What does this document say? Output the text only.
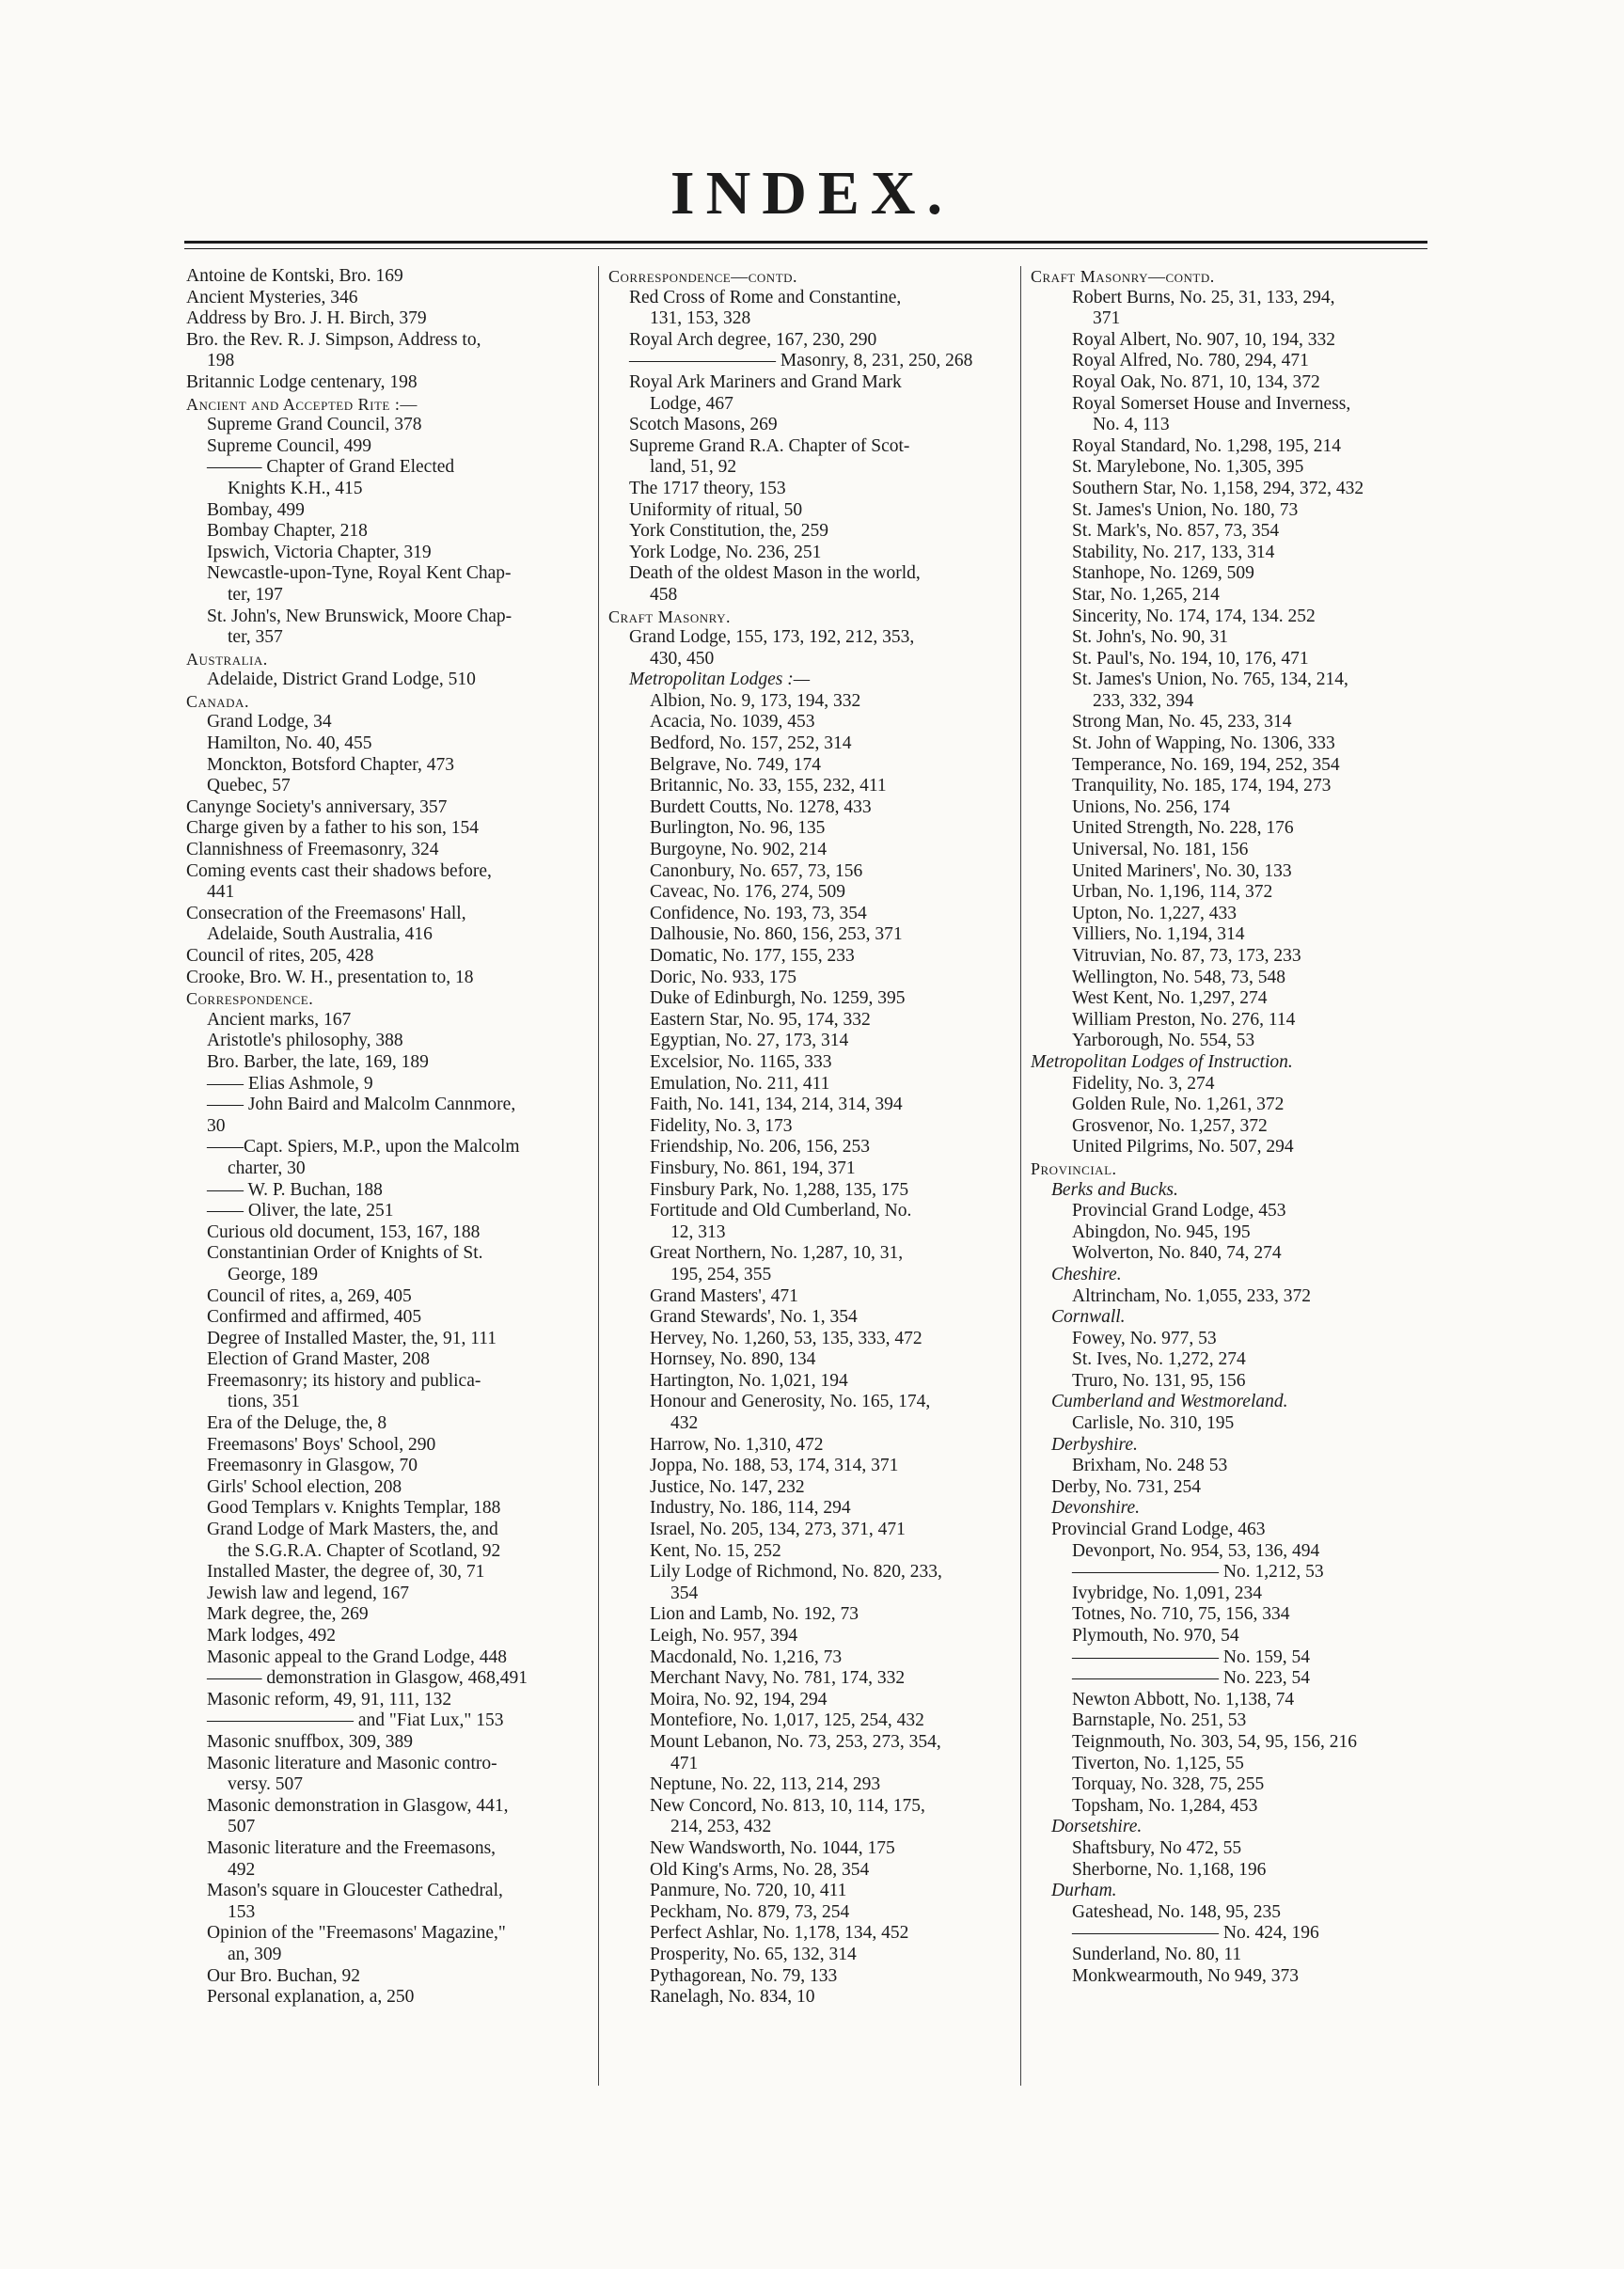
INDEX.
Antoine de Kontski, Bro. 169
Ancient Mysteries, 346
Address by Bro. J. H. Birch, 379
Bro. the Rev. R. J. Simpson, Address to,
198
Britannic Lodge centenary, 198
Ancient and Accepted Rite :—
Supreme Grand Council, 378
Supreme Council, 499
——— Chapter of Grand Elected
Knights K.H., 415
Bombay, 499
Bombay Chapter, 218
Ipswich, Victoria Chapter, 319
Newcastle-upon-Tyne, Royal Kent Chap-
ter, 197
St. John's, New Brunswick, Moore Chap-
ter, 357
Australia.
Adelaide, District Grand Lodge, 510
Canada.
Grand Lodge, 34
Hamilton, No. 40, 455
Monckton, Botsford Chapter, 473
Quebec, 57
Canynge Society's anniversary, 357
Charge given by a father to his son, 154
Clannishness of Freemasonry, 324
Coming events cast their shadows before,
441
Consecration of the Freemasons' Hall,
Adelaide, South Australia, 416
Council of rites, 205, 428
Crooke, Bro. W. H., presentation to, 18
Correspondence.
Ancient marks, 167
Aristotle's philosophy, 388
Bro. Barber, the late, 169, 189
—— Elias Ashmole, 9
—— John Baird and Malcolm Cannmore,
30
——Capt. Spiers, M.P., upon the Malcolm
charter, 30
—— W. P. Buchan, 188
—— Oliver, the late, 251
Curious old document, 153, 167, 188
Constantinian Order of Knights of St.
George, 189
Council of rites, a, 269, 405
Confirmed and affirmed, 405
Degree of Installed Master, the, 91, 111
Election of Grand Master, 208
Freemasonry; its history and publica-
tions, 351
Era of the Deluge, the, 8
Freemasons' Boys' School, 290
Freemasonry in Glasgow, 70
Girls' School election, 208
Good Templars v. Knights Templar, 188
Grand Lodge of Mark Masters, the, and
the S.G.R.A. Chapter of Scotland, 92
Installed Master, the degree of, 30, 71
Jewish law and legend, 167
Mark degree, the, 269
Mark lodges, 492
Masonic appeal to the Grand Lodge, 448
——— demonstration in Glasgow, 468,491
Masonic reform, 49, 91, 111, 132
———————— and "Fiat Lux," 153
Masonic snuffbox, 309, 389
Masonic literature and Masonic contro-
versy. 507
Masonic demonstration in Glasgow, 441,
507
Masonic literature and the Freemasons,
492
Mason's square in Gloucester Cathedral,
153
Opinion of the "Freemasons' Magazine,"
an, 309
Our Bro. Buchan, 92
Personal explanation, a, 250
Correspondence—contd.
Red Cross of Rome and Constantine,
131, 153, 328
Royal Arch degree, 167, 230, 290
———————— Masonry, 8, 231, 250, 268
Royal Ark Mariners and Grand Mark
Lodge, 467
Scotch Masons, 269
Supreme Grand R.A. Chapter of Scot-
land, 51, 92
The 1717 theory, 153
Uniformity of ritual, 50
York Constitution, the, 259
York Lodge, No. 236, 251
Death of the oldest Mason in the world,
458
Craft Masonry.
Grand Lodge, 155, 173, 192, 212, 353,
430, 450
Metropolitan Lodges :—
Albion, No. 9, 173, 194, 332
Acacia, No. 1039, 453
Bedford, No. 157, 252, 314
Belgrave, No. 749, 174
Britannic, No. 33, 155, 232, 411
Burdett Coutts, No. 1278, 433
Burlington, No. 96, 135
Burgoyne, No. 902, 214
Canonbury, No. 657, 73, 156
Caveac, No. 176, 274, 509
Confidence, No. 193, 73, 354
Dalhousie, No. 860, 156, 253, 371
Domatic, No. 177, 155, 233
Doric, No. 933, 175
Duke of Edinburgh, No. 1259, 395
Eastern Star, No. 95, 174, 332
Egyptian, No. 27, 173, 314
Excelsior, No. 1165, 333
Emulation, No. 211, 411
Faith, No. 141, 134, 214, 314, 394
Fidelity, No. 3, 173
Friendship, No. 206, 156, 253
Finsbury, No. 861, 194, 371
Finsbury Park, No. 1,288, 135, 175
Fortitude and Old Cumberland, No.
12, 313
Great Northern, No. 1,287, 10, 31,
195, 254, 355
Grand Masters', 471
Grand Stewards', No. 1, 354
Hervey, No. 1,260, 53, 135, 333, 472
Hornsey, No. 890, 134
Hartington, No. 1,021, 194
Honour and Generosity, No. 165, 174,
432
Harrow, No. 1,310, 472
Joppa, No. 188, 53, 174, 314, 371
Justice, No. 147, 232
Industry, No. 186, 114, 294
Israel, No. 205, 134, 273, 371, 471
Kent, No. 15, 252
Lily Lodge of Richmond, No. 820, 233,
354
Lion and Lamb, No. 192, 73
Leigh, No. 957, 394
Macdonald, No. 1,216, 73
Merchant Navy, No. 781, 174, 332
Moira, No. 92, 194, 294
Montefiore, No. 1,017, 125, 254, 432
Mount Lebanon, No. 73, 253, 273, 354,
471
Neptune, No. 22, 113, 214, 293
New Concord, No. 813, 10, 114, 175,
214, 253, 432
New Wandsworth, No. 1044, 175
Old King's Arms, No. 28, 354
Panmure, No. 720, 10, 411
Peckham, No. 879, 73, 254
Perfect Ashlar, No. 1,178, 134, 452
Prosperity, No. 65, 132, 314
Pythagorean, No. 79, 133
Ranelagh, No. 834, 10
Craft Masonry—contd.
Robert Burns, No. 25, 31, 133, 294,
371
Royal Albert, No. 907, 10, 194, 332
Royal Alfred, No. 780, 294, 471
Royal Oak, No. 871, 10, 134, 372
Royal Somerset House and Inverness,
No. 4, 113
Royal Standard, No. 1,298, 195, 214
St. Marylebone, No. 1,305, 395
Southern Star, No. 1,158, 294, 372, 432
St. James's Union, No. 180, 73
St. Mark's, No. 857, 73, 354
Stability, No. 217, 133, 314
Stanhope, No. 1269, 509
Star, No. 1,265, 214
Sincerity, No. 174, 174, 134. 252
St. John's, No. 90, 31
St. Paul's, No. 194, 10, 176, 471
St. James's Union, No. 765, 134, 214,
233, 332, 394
Strong Man, No. 45, 233, 314
St. John of Wapping, No. 1306, 333
Temperance, No. 169, 194, 252, 354
Tranquility, No. 185, 174, 194, 273
Unions, No. 256, 174
United Strength, No. 228, 176
Universal, No. 181, 156
United Mariners', No. 30, 133
Urban, No. 1,196, 114, 372
Upton, No. 1,227, 433
Villiers, No. 1,194, 314
Vitruvian, No. 87, 73, 173, 233
Wellington, No. 548, 73, 548
West Kent, No. 1,297, 274
William Preston, No. 276, 114
Yarborough, No. 554, 53
Metropolitan Lodges of Instruction.
Fidelity, No. 3, 274
Golden Rule, No. 1,261, 372
Grosvenor, No. 1,257, 372
United Pilgrims, No. 507, 294
Provincial.
Berks and Bucks.
Provincial Grand Lodge, 453
Abingdon, No. 945, 195
Wolverton, No. 840, 74, 274
Cheshire.
Altrincham, No. 1,055, 233, 372
Cornwall.
Fowey, No. 977, 53
St. Ives, No. 1,272, 274
Truro, No. 131, 95, 156
Cumberland and Westmoreland.
Carlisle, No. 310, 195
Derbyshire.
Brixham, No. 248 53
Derby, No. 731, 254
Devonshire.
Provincial Grand Lodge, 463
Devonport, No. 954, 53, 136, 494
———————— No. 1,212, 53
Ivybridge, No. 1,091, 234
Totnes, No. 710, 75, 156, 334
Plymouth, No. 970, 54
———————— No. 159, 54
———————— No. 223, 54
Newton Abbott, No. 1,138, 74
Barnstaple, No. 251, 53
Teignmouth, No. 303, 54, 95, 156, 216
Tiverton, No. 1,125, 55
Torquay, No. 328, 75, 255
Topsham, No. 1,284, 453
Dorsetshire.
Shaftsbury, No 472, 55
Sherborne, No. 1,168, 196
Durham.
Gateshead, No. 148, 95, 235
———————— No. 424, 196
Sunderland, No. 80, 11
Monkwearmouth, No 949, 373
